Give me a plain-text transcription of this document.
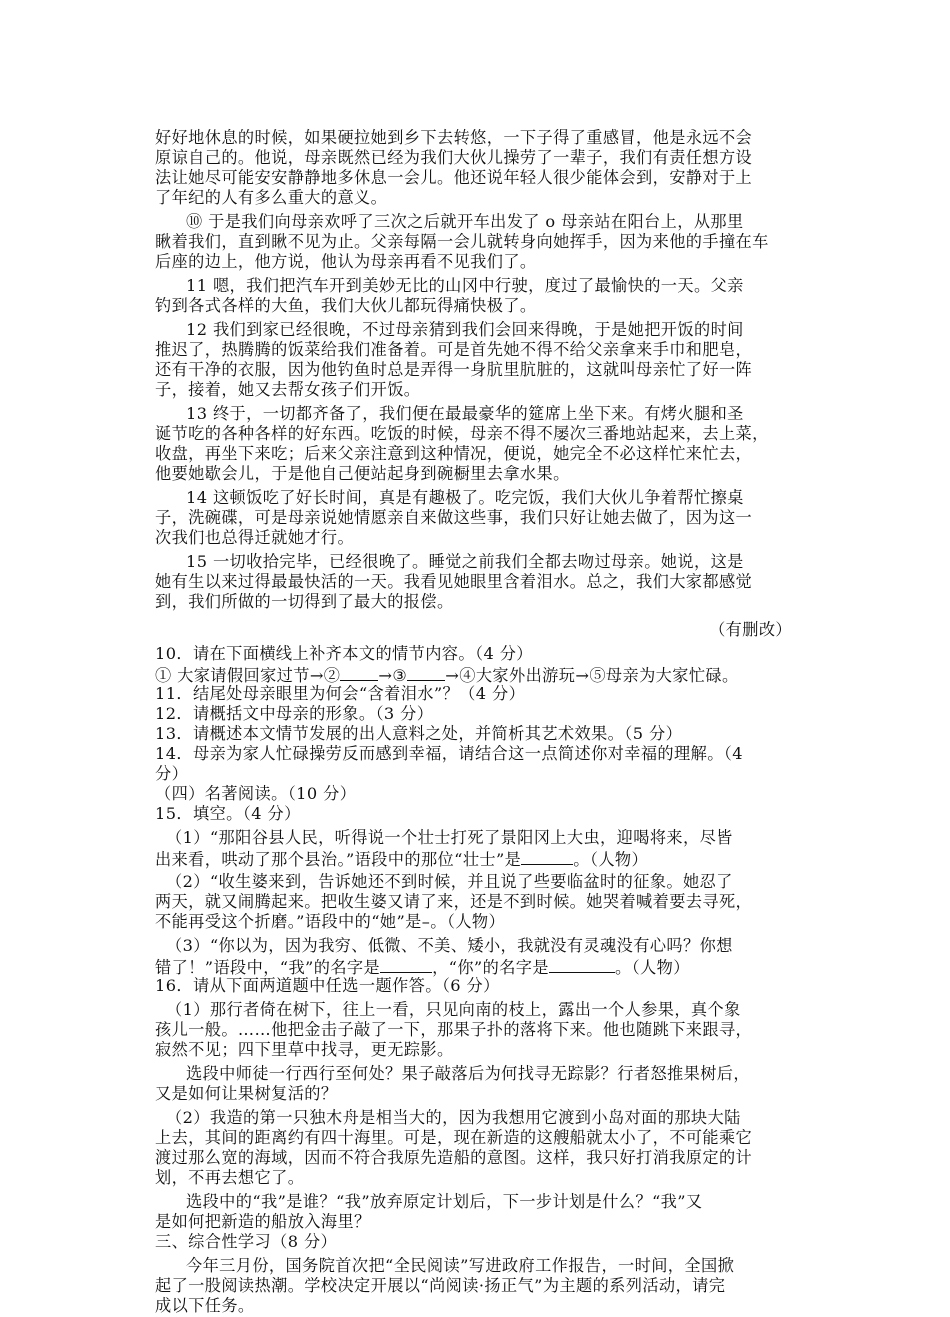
好好地休息的时候，如果硬拉她到乡下去转悠，一下子得了重感冒，他是永远不会
原谅自己的。他说，母亲既然已经为我们大伙儿操劳了一辈子，我们有责任想方设
法让她尽可能安安静静地多休息一会儿。他还说年轻人很少能体会到，安静对于上
了年纪的人有多么重大的意义。
⑩ 于是我们向母亲欢呼了三次之后就开车出发了 o 母亲站在阳台上，从那里
瞅着我们，直到瞅不见为止。父亲每隔一会儿就转身向她挥手，因为来他的手撞在车
后座的边上，他方说，他认为母亲再看不见我们了。
11 嗯，我们把汽车开到美妙无比的山冈中行驶，度过了最愉快的一天。父亲
钓到各式各样的大鱼，我们大伙儿都玩得痛快极了。
12 我们到家已经很晚，不过母亲猜到我们会回来得晚，于是她把开饭的时间
推迟了，热腾腾的饭菜给我们准备着。可是首先她不得不给父亲拿来手巾和肥皂，
还有干净的衣服，因为他钓鱼时总是弄得一身肮里肮脏的，这就叫母亲忙了好一阵
子，接着，她又去帮女孩子们开饭。
13 终于，一切都齐备了，我们便在最最豪华的筵席上坐下来。有烤火腿和圣
诞节吃的各种各样的好东西。吃饭的时候，母亲不得不屡次三番地站起来，去上菜，
收盘，再坐下来吃；后来父亲注意到这种情况，便说，她完全不必这样忙来忙去，
他要她歇会儿，于是他自己便站起身到碗橱里去拿水果。
14 这顿饭吃了好长时间，真是有趣极了。吃完饭，我们大伙儿争着帮忙擦桌
子，洗碗碟，可是母亲说她情愿亲自来做这些事，我们只好让她去做了，因为这一
次我们也总得迁就她才行。
15 一切收拾完毕，已经很晚了。睡觉之前我们全都去吻过母亲。她说，这是
她有生以来过得最最快活的一天。我看见她眼里含着泪水。总之，我们大家都感觉
到，我们所做的一切得到了最大的报偿。
（有删改）
10．请在下面横线上补齐本文的情节内容。（4 分）
① 大家请假回家过节→② →③ →④大家外出游玩→⑤母亲为大家忙碌。
11．结尾处母亲眼里为何会“含着泪水”？（4 分）
12．请概括文中母亲的形象。（3 分）
13．请概述本文情节发展的出人意料之处，并简析其艺术效果。（5 分）
14．母亲为家人忙碌操劳反而感到幸福，请结合这一点简述你对幸福的理解。（4
分）
（四）名著阅读。（10 分）
15．填空。（4 分）
（1）“那阳谷县人民，听得说一个壮士打死了景阳冈上大虫，迎喝将来，尽皆
出来看，哄动了那个县治。”语段中的那位“壮士”是	。（人物）
（2）“收生婆来到，告诉她还不到时候，并且说了些要临盆时的征象。她忍了
两天，就又闹腾起来。把收生婆又请了来，还是不到时候。她哭着喊着要去寻死，
不能再受这个折磨。”语段中的“她”是–。（人物）
（3）“你以为，因为我穷、低微、不美、矮小，我就没有灵魂没有心吗？你想
错了！”语段中，“我”的名字是	，“你”的名字是	。（人物）
16．请从下面两道题中任选一题作答。（6 分）
（1）那行者倚在树下，往上一看，只见向南的枝上，露出一个人参果，真个象
孩儿一般。……他把金击子敲了一下，那果子扑的落将下来。他也随跳下来跟寻，
寂然不见；四下里草中找寻，更无踪影。
选段中师徒一行西行至何处？果子敲落后为何找寻无踪影？行者怒推果树后，
又是如何让果树复活的？
（2）我造的第一只独木舟是相当大的，因为我想用它渡到小岛对面的那块大陆
上去，其间的距离约有四十海里。可是，现在新造的这艘船就太小了，不可能乘它
渡过那么宽的海域，因而不符合我原先造船的意图。这样，我只好打消我原定的计
划，不再去想它了。
选段中的“我”是谁？“我”放弃原定计划后，下一步计划是什么？“我”又
是如何把新造的船放入海里？
三、综合性学习（8 分）
今年三月份，国务院首次把“全民阅读”写进政府工作报告，一时间，全国掀
起了一股阅读热潮。学校决定开展以“尚阅读·扬正气”为主题的系列活动，请完
成以下任务。
